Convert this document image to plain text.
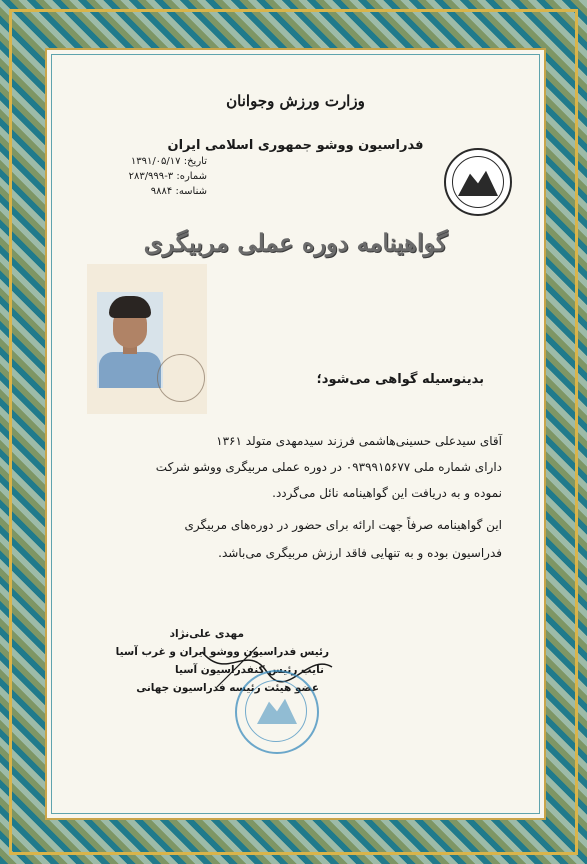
وزارت ورزش وجوانان
فدراسیون ووشو جمهوری اسلامی ایران
تاریخ: ۱۳۹۱/۰۵/۱۷
شماره: ۳-۲۸۳/۹۹۹
شناسه: ۹۸۸۴
گواهینامه دوره عملی مربیگری
بدینوسیله گواهی می‌شود؛
آقای سیدعلی حسینی‌هاشمی فرزند سیدمهدی متولد ۱۳۶۱
دارای شماره ملی ۰۹۳۹۹۱۵۶۷۷ در دوره عملی مربیگری ووشو شرکت
نموده و به دریافت این گواهینامه نائل می‌گردد.
این گواهینامه صرفاً جهت ارائه برای حضور در دوره‌های مربیگری
فدراسیون بوده و به تنهایی فاقد ارزش مربیگری می‌باشد.
مهدی علی‌نژاد
رئیس فدراسیون ووشو ایران و غرب آسیا
نایب رئیس کنفدراسیون آسیا
عضو هیئت رئیسه فدراسیون جهانی
